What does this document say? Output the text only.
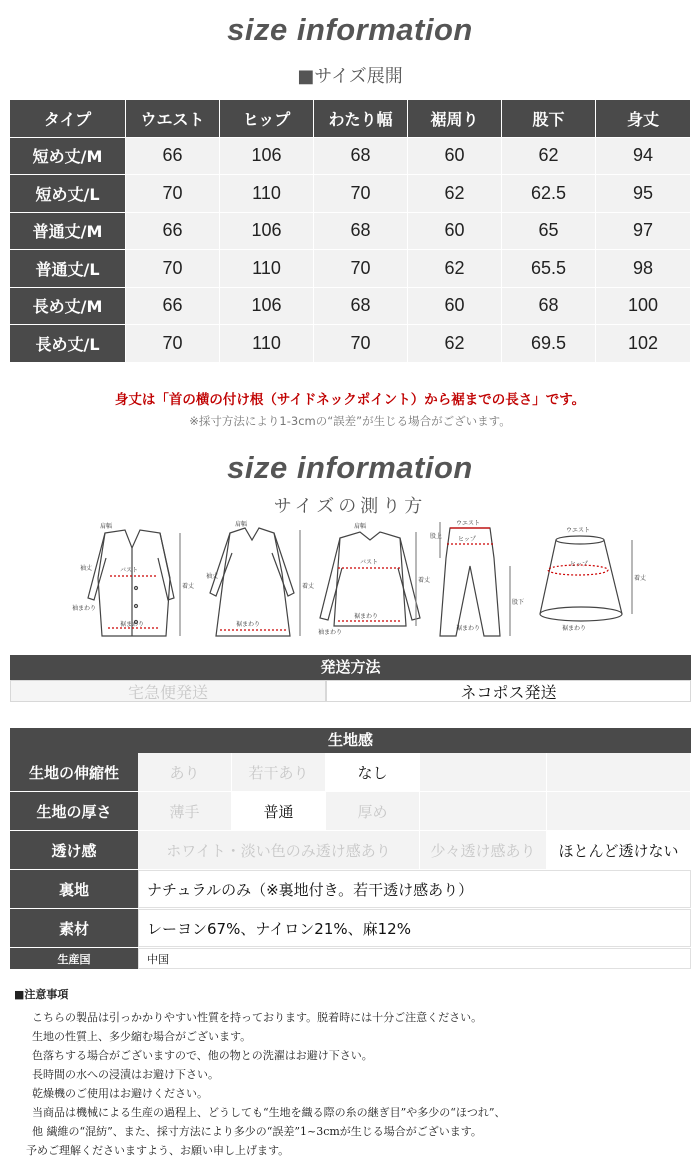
size information
■サイズ展開
タイプ	ウエスト	ヒップ	わたり幅	裾周り	股下	身丈
短め丈/M	66	106	68	60	62	94
短め丈/L	70	110	70	62	62.5	95
普通丈/M	66	106	68	60	65	97
普通丈/L	70	110	70	62	65.5	98
長め丈/M	66	106	68	60	68	100
長め丈/L	70	110	70	62	69.5	102
身丈は「首の横の付け根（サイドネックポイント）から裾までの長さ」です。
※採寸方法により1-3cmの“誤差”が生じる場合がございます。
size information
サイズの測り方
肩幅
袖丈	バスト
袖まわり
裾まわり
着丈
肩幅
袖丈
裾まわり
着丈
肩幅
バスト
袖まわり
裾まわり
着丈
ウエスト
ヒップ
股上
股下
裾まわり
ウエスト
ヒップ
裾まわり
着丈
発送方法
宅急便発送	ネコポス発送
生地感
生地の伸縮性	あり	若干あり	なし
生地の厚さ	薄手	普通	厚め
透け感	ホワイト・淡い色のみ透け感あり	少々透け感あり	ほとんど透けない
裏地	ナチュラルのみ（※裏地付き。若干透け感あり）
素材	レーヨン67%、ナイロン21%、麻12%
生産国	中国
■注意事項
こちらの製品は引っかかりやすい性質を持っております。脱着時には十分ご注意ください。
生地の性質上、多少縮む場合がございます。
色落ちする場合がございますので、他の物との洗濯はお避け下さい。
長時間の水への浸漬はお避け下さい。
乾燥機のご使用はお避けください。
当商品は機械による生産の過程上、どうしても“生地を織る際の糸の継ぎ目”や多少の“ほつれ”、
他 繊維の“混紡”、また、採寸方法により多少の“誤差”1~3cmが生じる場合がございます。
予めご理解くださいますよう、お願い申し上げます。
